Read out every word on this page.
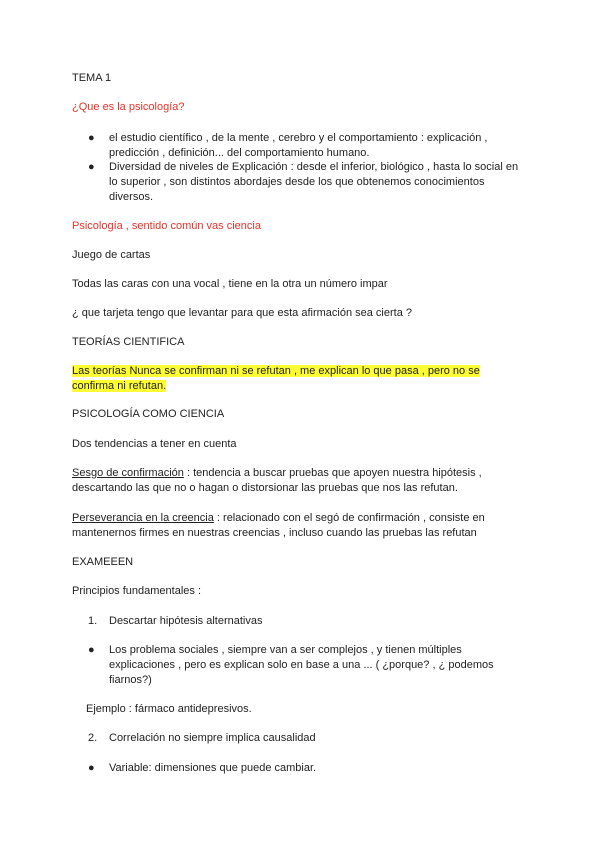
TEMA 1
¿Que es la psicología?
● el estudio científico , de la mente , cerebro y el comportamiento : explicación , predicción , definición... del comportamiento humano.
● Diversidad de niveles de Explicación : desde el inferior, biológico , hasta lo social en lo superior , son distintos abordajes desde los que obtenemos conocimientos diversos.
Psicología , sentido común vas ciencia
Juego de cartas
Todas las caras con una vocal , tiene en la otra un número impar
¿ que tarjeta tengo que levantar para que esta afirmación sea cierta ?
TEORÍAS CIENTIFICA
Las teorías Nunca se confirman ni se refutan , me explican lo que pasa , pero no se confirma ni refutan.
PSICOLOGÍA COMO CIENCIA
Dos tendencias a tener en cuenta
Sesgo de confirmación : tendencia a buscar pruebas que apoyen nuestra hipótesis , descartando las que no o hagan o distorsionar las pruebas que nos las refutan.
Perseverancia en la creencia : relacionado con el segó de confirmación , consiste en mantenernos firmes en nuestras creencias , incluso cuando las pruebas las refutan
EXAMEEEN
Principios fundamentales :
1. Descartar hipótesis alternativas
● Los problema sociales , siempre van a ser complejos , y tienen múltiples explicaciones , pero es explican solo en base a una ... ( ¿porque? , ¿ podemos fiarnos?)
Ejemplo : fármaco antidepresivos.
2. Correlación no siempre implica causalidad
● Variable: dimensiones que puede cambiar.
